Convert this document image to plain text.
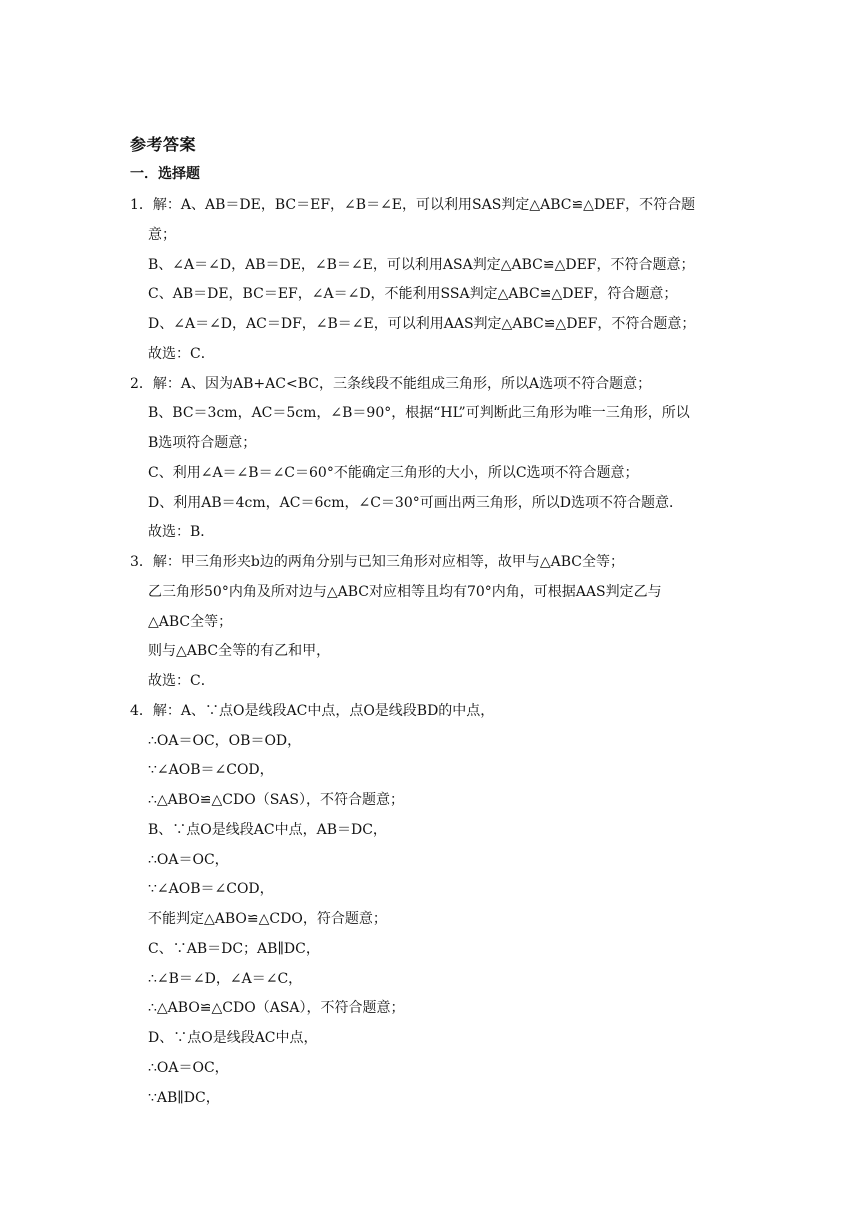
参考答案
一．选择题
1．解：A、AB＝DE，BC＝EF，∠B＝∠E，可以利用SAS判定△ABC≌△DEF，不符合题
意；
B、∠A＝∠D，AB＝DE，∠B＝∠E，可以利用ASA判定△ABC≌△DEF，不符合题意；
C、AB＝DE，BC＝EF，∠A＝∠D，不能利用SSA判定△ABC≌△DEF，符合题意；
D、∠A＝∠D，AC＝DF，∠B＝∠E，可以利用AAS判定△ABC≌△DEF，不符合题意；
故选：C．
2．解：A、因为AB+AC<BC，三条线段不能组成三角形，所以A选项不符合题意；
B、BC＝3cm，AC＝5cm，∠B＝90°，根据“HL”可判断此三角形为唯一三角形，所以
B选项符合题意；
C、利用∠A＝∠B＝∠C＝60°不能确定三角形的大小，所以C选项不符合题意；
D、利用AB＝4cm，AC＝6cm，∠C＝30°可画出两三角形，所以D选项不符合题意．
故选：B．
3．解：甲三角形夹b边的两角分别与已知三角形对应相等，故甲与△ABC全等；
乙三角形50°内角及所对边与△ABC对应相等且均有70°内角，可根据AAS判定乙与
△ABC全等；
则与△ABC全等的有乙和甲，
故选：C．
4．解：A、∵点O是线段AC中点，点O是线段BD的中点，
∴OA＝OC，OB＝OD，
∵∠AOB＝∠COD，
∴△ABO≌△CDO（SAS），不符合题意；
B、∵点O是线段AC中点，AB＝DC，
∴OA＝OC，
∵∠AOB＝∠COD，
不能判定△ABO≌△CDO，符合题意；
C、∵AB＝DC；AB∥DC，
∴∠B＝∠D，∠A＝∠C，
∴△ABO≌△CDO（ASA），不符合题意；
D、∵点O是线段AC中点，
∴OA＝OC，
∵AB∥DC，
